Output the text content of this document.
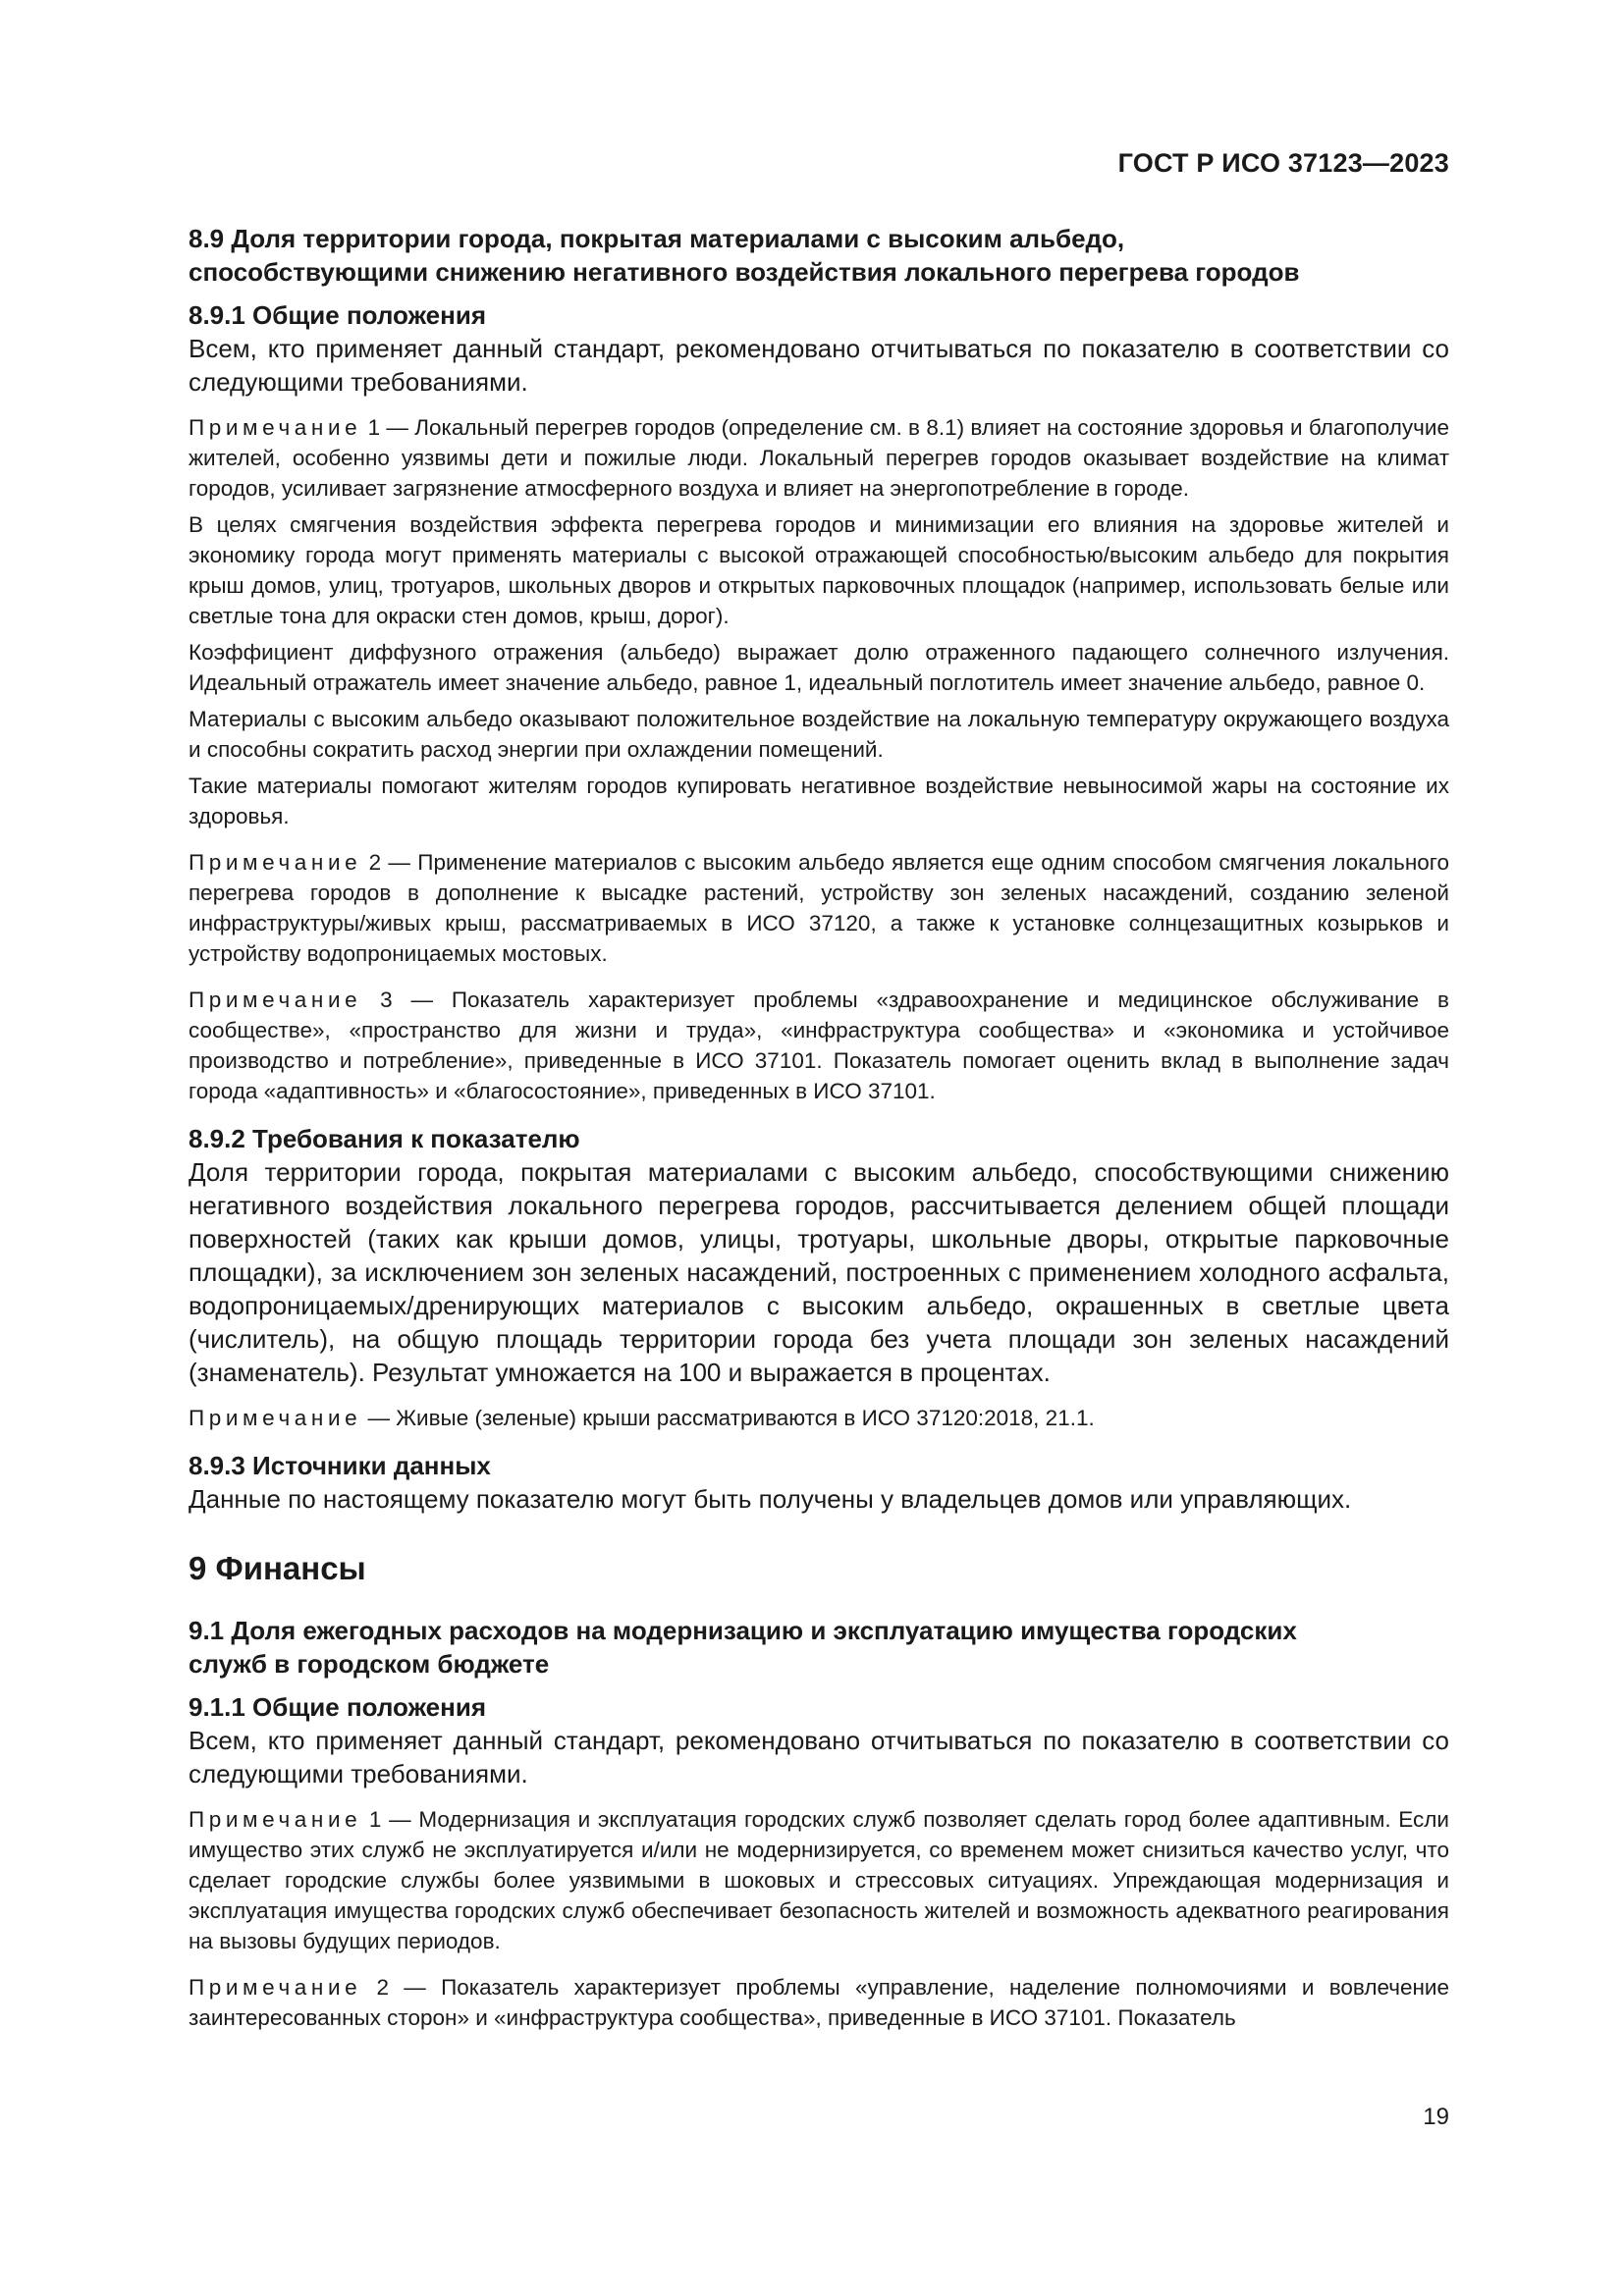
ГОСТ Р ИСО 37123—2023
8.9 Доля территории города, покрытая материалами с высоким альбедо,
способствующими снижению негативного воздействия локального перегрева городов
8.9.1 Общие положения

Всем, кто применяет данный стандарт, рекомендовано отчитываться по показателю в соответствии со следующими требованиями.

Примечание 1 — Локальный перегрев городов (определение см. в 8.1) влияет на состояние здоровья и благополучие жителей, особенно уязвимы дети и пожилые люди. Локальный перегрев городов оказывает воздействие на климат городов, усиливает загрязнение атмосферного воздуха и влияет на энергопотребление в городе.

В целях смягчения воздействия эффекта перегрева городов и минимизации его влияния на здоровье жителей и экономику города могут применять материалы с высокой отражающей способностью/высоким альбедо для покрытия крыш домов, улиц, тротуаров, школьных дворов и открытых парковочных площадок (например, использовать белые или светлые тона для окраски стен домов, крыш, дорог).

Коэффициент диффузного отражения (альбедо) выражает долю отраженного падающего солнечного излучения. Идеальный отражатель имеет значение альбедо, равное 1, идеальный поглотитель имеет значение альбедо, равное 0.

Материалы с высоким альбедо оказывают положительное воздействие на локальную температуру окружающего воздуха и способны сократить расход энергии при охлаждении помещений.

Такие материалы помогают жителям городов купировать негативное воздействие невыносимой жары на состояние их здоровья.

Примечание 2 — Применение материалов с высоким альбедо является еще одним способом смягчения локального перегрева городов в дополнение к высадке растений, устройству зон зеленых насаждений, созданию зеленой инфраструктуры/живых крыш, рассматриваемых в ИСО 37120, а также к установке солнцезащитных козырьков и устройству водопроницаемых мостовых.

Примечание 3 — Показатель характеризует проблемы «здравоохранение и медицинское обслуживание в сообществе», «пространство для жизни и труда», «инфраструктура сообщества» и «экономика и устойчивое производство и потребление», приведенные в ИСО 37101. Показатель помогает оценить вклад в выполнение задач города «адаптивность» и «благосостояние», приведенных в ИСО 37101.

8.9.2 Требования к показателю

Доля территории города, покрытая материалами с высоким альбедо, способствующими снижению негативного воздействия локального перегрева городов, рассчитывается делением общей площади поверхностей (таких как крыши домов, улицы, тротуары, школьные дворы, открытые парковочные площадки), за исключением зон зеленых насаждений, построенных с применением холодного асфальта, водопроницаемых/дренирующих материалов с высоким альбедо, окрашенных в светлые цвета (числитель), на общую площадь территории города без учета площади зон зеленых насаждений (знаменатель). Результат умножается на 100 и выражается в процентах.

Примечание — Живые (зеленые) крыши рассматриваются в ИСО 37120:2018, 21.1.

8.9.3 Источники данных

Данные по настоящему показателю могут быть получены у владельцев домов или управляющих.

9 Финансы
9.1 Доля ежегодных расходов на модернизацию и эксплуатацию имущества городских
служб в городском бюджете
9.1.1 Общие положения

Всем, кто применяет данный стандарт, рекомендовано отчитываться по показателю в соответствии со следующими требованиями.

Примечание 1 — Модернизация и эксплуатация городских служб позволяет сделать город более адаптивным. Если имущество этих служб не эксплуатируется и/или не модернизируется, со временем может снизиться качество услуг, что сделает городские службы более уязвимыми в шоковых и стрессовых ситуациях. Упреждающая модернизация и эксплуатация имущества городских служб обеспечивает безопасность жителей и возможность адекватного реагирования на вызовы будущих периодов.

Примечание 2 — Показатель характеризует проблемы «управление, наделение полномочиями и вовлечение заинтересованных сторон» и «инфраструктура сообщества», приведенные в ИСО 37101. Показатель

19
